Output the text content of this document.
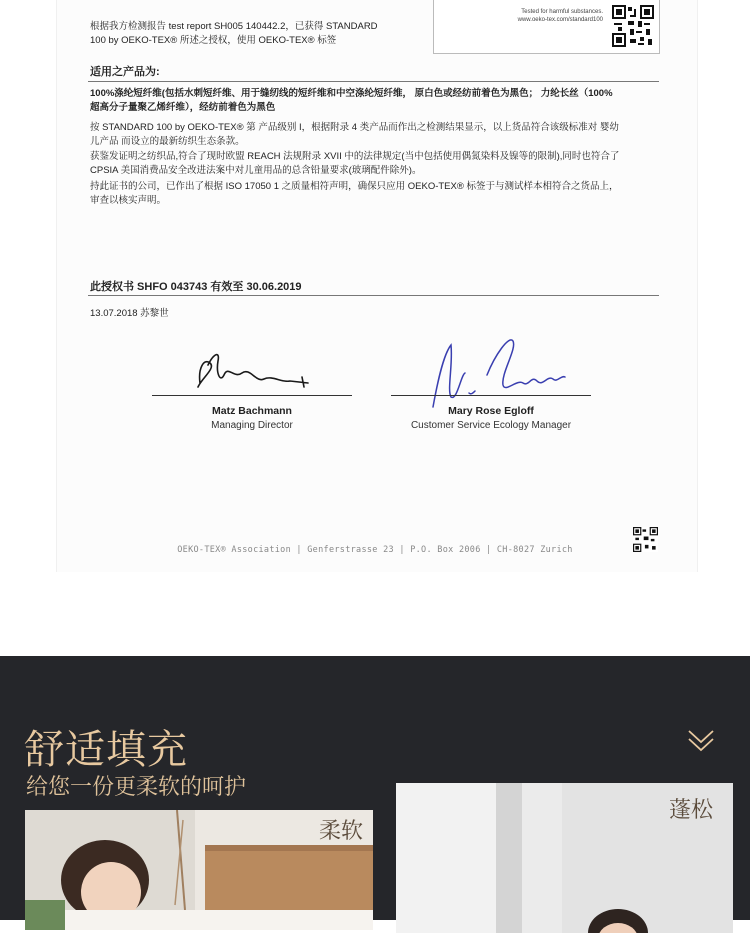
根据我方检测报告 test report SH005 140442.2，已获得 STANDARD
100 by OEKO-TEX® 所述之授权，使用 OEKO-TEX® 标签
Tested for harmful substances.
www.oeko-tex.com/standard100
适用之产品为:
100%涤纶短纤维(包括水刺短纤维、用于缝纫线的短纤维和中空涤纶短纤维， 原白色或经纺前着色为黑色； 力纶长丝（100%
超高分子量聚乙烯纤维），经纺前着色为黑色
按 STANDARD 100 by OEKO-TEX® 第 产品级别 I，根据附录 4 类产品而作出之检测结果显示，以上货品符合该级标准对 婴幼
儿产品 而设立的最新纺织生态条款。
获鉴发证明之纺织品,符合了现时欧盟 REACH 法规附录 XVII 中的法律规定(当中包括使用偶氮染料及镍等的限制),同时也符合了
CPSIA 美国消费品安全改进法案中对儿童用品的总含铅量要求(玻璃配件除外)。
持此证书的公司，已作出了根据 ISO 17050 1 之质量相符声明，确保只应用 OEKO-TEX® 标签于与测试样本相符合之货品上，
审查以核实声明。
此授权书 SHFO 043743 有效至 30.06.2019
13.07.2018 苏黎世
Matz Bachmann
Managing Director
Mary Rose Egloff
Customer Service Ecology Manager
OEKO-TEX® Association | Genferstrasse 23 | P.O. Box 2006 | CH-8027 Zurich
舒适填充
给您一份更柔软的呵护
柔软
蓬松
